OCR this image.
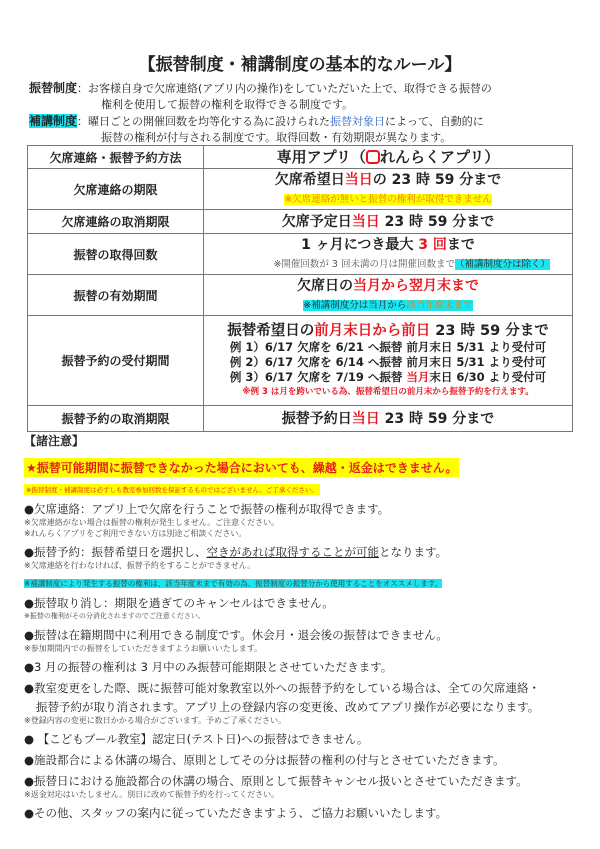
【振替制度・補講制度の基本的なルール】
振替制度：お客様自身で欠席連絡(アプリ内の操作)をしていただいた上で、取得できる振替の
権利を使用して振替の権利を取得できる制度です。
補講制度：曜日ごとの開催回数を均等化する為に設けられた振替対象日によって、自動的に
振替の権利が付与される制度です。取得回数・有効期限が異なります。
欠席連絡・振替予約方法	専用アプリ（ れんらくアプリ）
欠席連絡の期限	欠席希望日当日の 23 時 59 分まで
※欠席連絡が無いと振替の権利が取得できません
欠席連絡の取消期限	欠席予定日当日 23 時 59 分まで
振替の取得回数	1 ヶ月につき最大 3 回まで
※開催回数が 3 回未満の月は開催回数まで（補講制度分は除く）

振替の有効期間	欠席日の当月から翌月末まで
※補講制度分は当月から該当年度末まで
振替予約の受付期間	振替希望日の前月末日から前日 23 時 59 分まで
例 1）6/17 欠席を 6/21 へ振替 前月末日 5/31 より受付可
例 2）6/17 欠席を 6/14 へ振替 前月末日 5/31 より受付可
例 3）6/17 欠席を 7/19 へ振替 当月末日 6/30 より受付可
※例 3 は月を跨いでいる為、振替希望日の前月末から振替予約を行えます。

振替予約の取消期限	振替予約日当日 23 時 59 分まで
【諸注意】
★振替可能期間に振替できなかった場合においても、繰越・返金はできません。
※振替制度・補講制度は必ずしも教室参加回数を保証するものではございません。ご了承ください。
●欠席連絡：アプリ上で欠席を行うことで振替の権利が取得できます。
※欠席連絡がない場合は振替の権利が発生しません。ご注意ください。
※れんらくアプリをご利用できない方は別途ご相談ください。
●振替予約：振替希望日を選択し、空きがあれば取得することが可能となります。
※欠席連絡を行わなければ、振替予約をすることができません。
※補講制度により発生する振替の権利は、該当年度末まで有効の為、振替制度の振替分から使用することをオススメします。
●振替取り消し：期限を過ぎてのキャンセルはできません。
※振替の権利がその分消化されますのでご注意ください。
●振替は在籍期間中に利用できる制度です。休会月・退会後の振替はできません。
※参加期間内での振替をしていただきますようお願いいたします。
●3 月の振替の権利は 3 月中のみ振替可能期限とさせていただきます。
●教室変更をした際、既に振替可能対象教室以外への振替予約をしている場合は、全ての欠席連絡・
振替予約が取り消されます。アプリ上の登録内容の変更後、改めてアプリ操作が必要になります。
※登録内容の変更に数日かかる場合がございます。予めご了承ください。
● 【こどもプール教室】認定日(テスト日)への振替はできません。
●施設都合による休講の場合、原則としてその分は振替の権利の付与とさせていただきます。
●振替日における施設都合の休講の場合、原則として振替キャンセル扱いとさせていただきます。
※返金対応はいたしません。別日に改めて振替予約を行ってください。
●その他、スタッフの案内に従っていただきますよう、ご協力お願いいたします。
